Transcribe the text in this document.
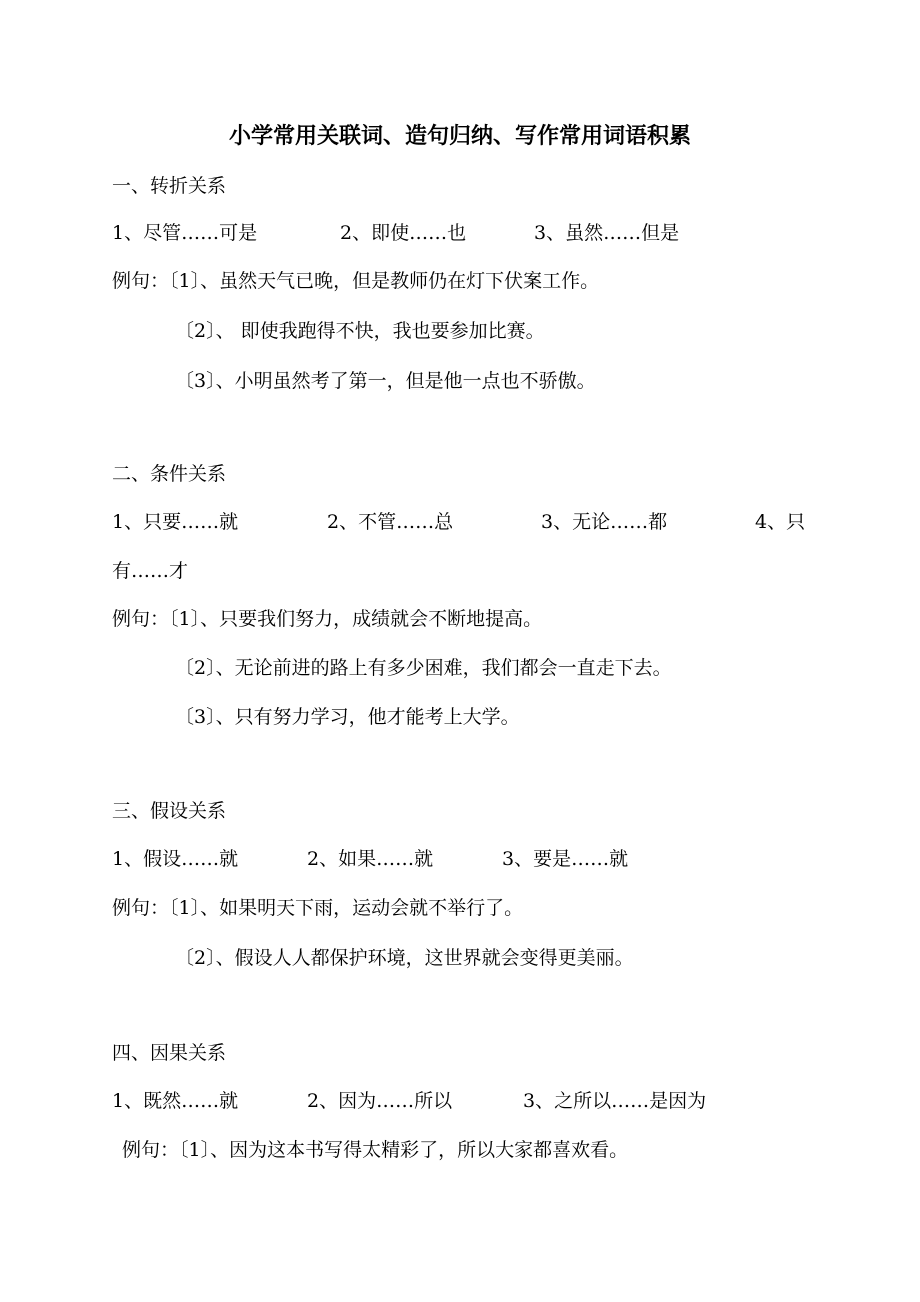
小学常用关联词、造句归纳、写作常用词语积累
一、转折关系
1、尽管……可是	2、即使……也	3、虽然……但是
例句：〔1〕、虽然天气已晚，但是教师仍在灯下伏案工作。
〔2〕、 即使我跑得不快，我也要参加比赛。
〔3〕、小明虽然考了第一，但是他一点也不骄傲。
二、条件关系
1、只要……就	2、不管……总	3、无论……都	4、只
有……才
例句：〔1〕、只要我们努力，成绩就会不断地提高。
〔2〕、无论前进的路上有多少困难，我们都会一直走下去。
〔3〕、只有努力学习，他才能考上大学。
三、假设关系
1、假设……就	2、如果……就	3、要是……就
例句：〔1〕、如果明天下雨，运动会就不举行了。
〔2〕、假设人人都保护环境，这世界就会变得更美丽。
四、因果关系
1、既然……就	2、因为……所以	3、之所以……是因为
例句：〔1〕、因为这本书写得太精彩了，所以大家都喜欢看。
